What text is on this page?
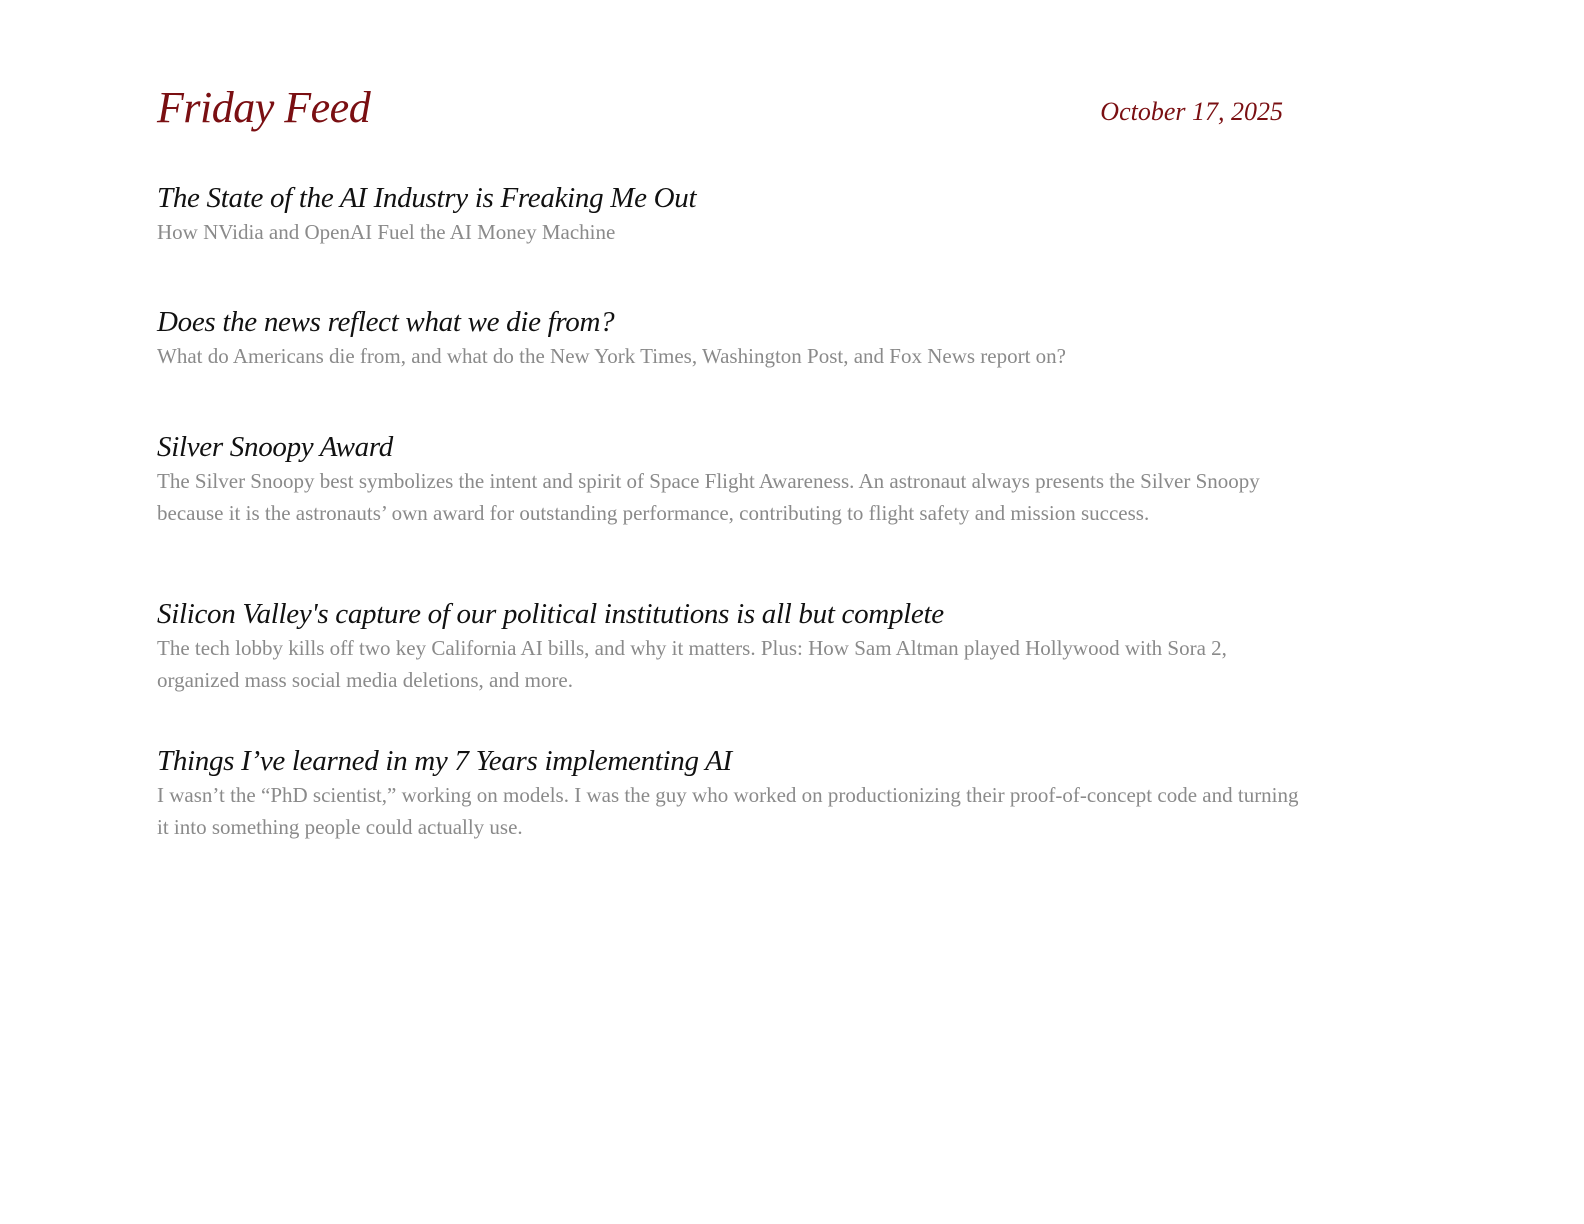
Friday Feed	October 17, 2025
The State of the AI Industry is Freaking Me Out

How NVidia and OpenAI Fuel the AI Money Machine

Does the news reflect what we die from?

What do Americans die from, and what do the New York Times, Washington Post, and Fox News report on?

Silver Snoopy Award

The Silver Snoopy best symbolizes the intent and spirit of Space Flight Awareness. An astronaut always presents the Silver Snoopy because it is the astronauts’ own award for outstanding performance, contributing to flight safety and mission success.

Silicon Valley's capture of our political institutions is all but complete

The tech lobby kills off two key California AI bills, and why it matters. Plus: How Sam Altman played Hollywood with Sora 2, organized mass social media deletions, and more.

Things I’ve learned in my 7 Years implementing AI

I wasn’t the “PhD scientist,” working on models. I was the guy who worked on productionizing their proof-of-concept code and turning it into something people could actually use.
